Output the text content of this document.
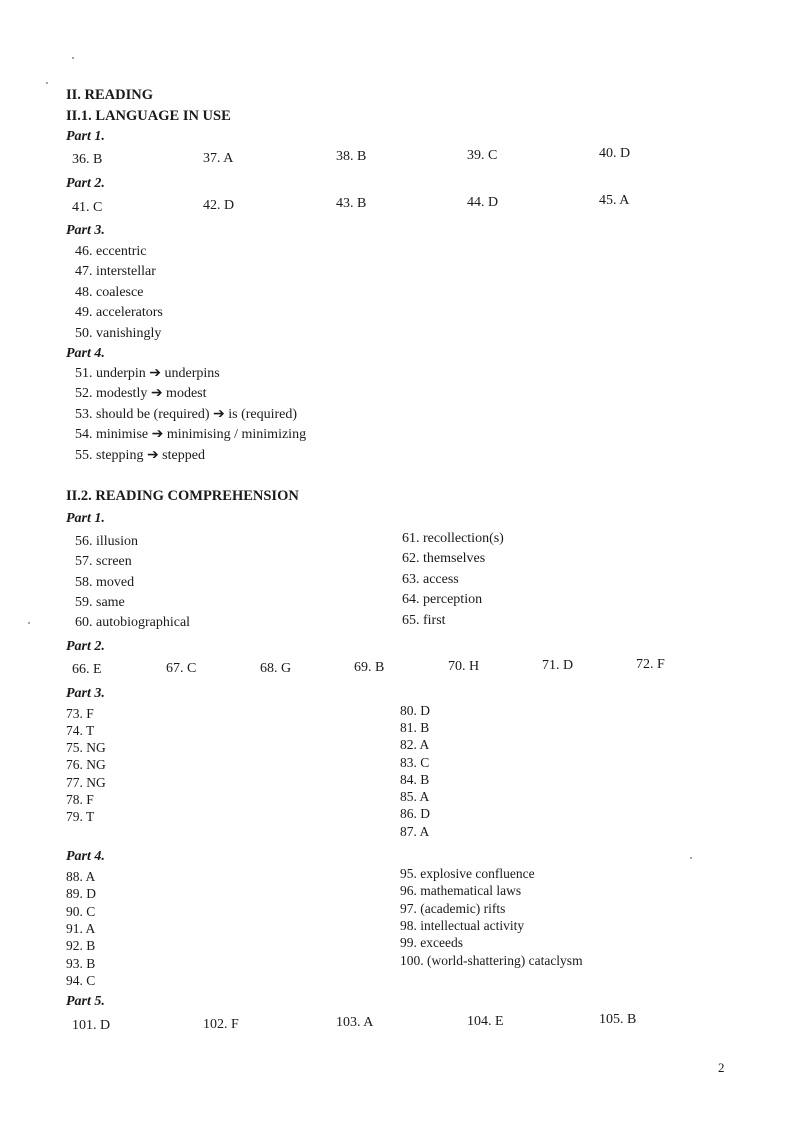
II. READING
II.1. LANGUAGE IN USE
Part 1.
36. B	37. A	38. B	39. C	40. D
Part 2.
41. C	42. D	43. B	44. D	45. A
Part 3.
46. eccentric
47. interstellar
48. coalesce
49. accelerators
50. vanishingly
Part 4.
51. underpin ➔ underpins
52. modestly ➔ modest
53. should be (required) ➔ is (required)
54. minimise ➔ minimising / minimizing
55. stepping ➔ stepped
II.2. READING COMPREHENSION
Part 1.
56. illusion
57. screen
58. moved
59. same
60. autobiographical
61. recollection(s)
62. themselves
63. access
64. perception
65. first
Part 2.
66. E	67. C	68. G	69. B	70. H	71. D	72. F
Part 3.
73. F
74. T
75. NG
76. NG
77. NG
78. F
79. T
80. D
81. B
82. A
83. C
84. B
85. A
86. D
87. A
Part 4.
88. A
89. D
90. C
91. A
92. B
93. B
94. C
95. explosive confluence
96. mathematical laws
97. (academic) rifts
98. intellectual activity
99. exceeds
100. (world-shattering) cataclysm
Part 5.
101. D	102. F	103. A	104. E	105. B
2
